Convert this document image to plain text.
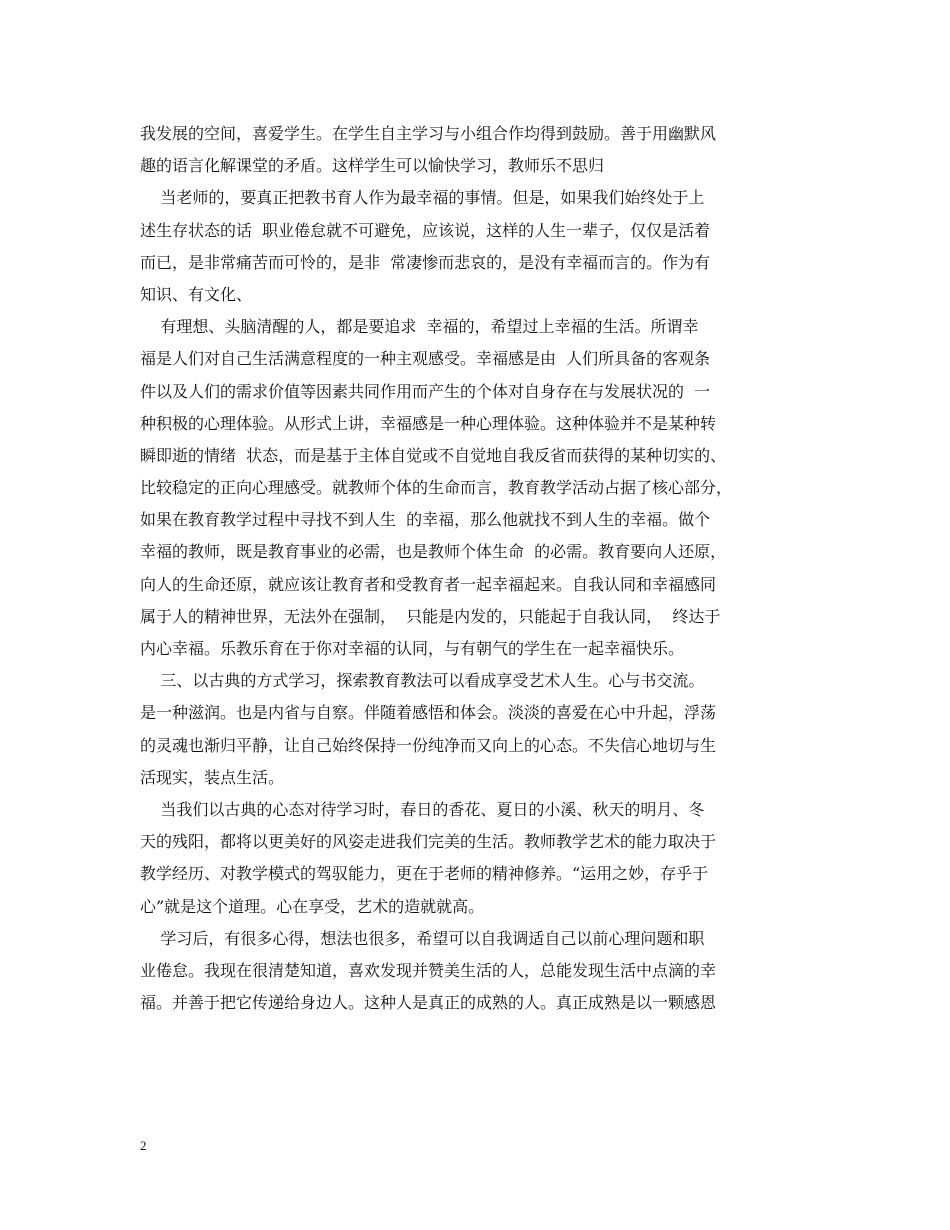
我发展的空间，喜爱学生。在学生自主学习与小组合作均得到鼓励。善于用幽默风
趣的语言化解课堂的矛盾。这样学生可以愉快学习，教师乐不思归
当老师的，要真正把教书育人作为最幸福的事情。但是，如果我们始终处于上
述生存状态的话  职业倦怠就不可避免，应该说，这样的人生一辈子，仅仅是活着
而已，是非常痛苦而可怜的，是非  常凄惨而悲哀的，是没有幸福而言的。作为有
知识、有文化、
有理想、头脑清醒的人，都是要追求  幸福的，希望过上幸福的生活。所谓幸
福是人们对自己生活满意程度的一种主观感受。幸福感是由  人们所具备的客观条
件以及人们的需求价值等因素共同作用而产生的个体对自身存在与发展状况的  一
种积极的心理体验。从形式上讲，幸福感是一种心理体验。这种体验并不是某种转
瞬即逝的情绪  状态，而是基于主体自觉或不自觉地自我反省而获得的某种切实的、
比较稳定的正向心理感受。就教师个体的生命而言，教育教学活动占据了核心部分，
如果在教育教学过程中寻找不到人生  的幸福，那么他就找不到人生的幸福。做个
幸福的教师，既是教育事业的必需，也是教师个体生命  的必需。教育要向人还原，
向人的生命还原，就应该让教育者和受教育者一起幸福起来。自我认同和幸福感同
属于人的精神世界，无法外在强制，  只能是内发的，只能起于自我认同，  终达于
内心幸福。乐教乐育在于你对幸福的认同，与有朝气的学生在一起幸福快乐。
三、以古典的方式学习，探索教育教法可以看成享受艺术人生。心与书交流。
是一种滋润。也是内省与自察。伴随着感悟和体会。淡淡的喜爱在心中升起，浮荡
的灵魂也渐归平静，让自己始终保持一份纯净而又向上的心态。不失信心地切与生
活现实，装点生活。
当我们以古典的心态对待学习时，春日的香花、夏日的小溪、秋天的明月、冬
天的残阳，都将以更美好的风姿走进我们完美的生活。教师教学艺术的能力取决于
教学经历、对教学模式的驾驭能力，更在于老师的精神修养。“运用之妙，存乎于
心”就是这个道理。心在享受，艺术的造就就高。
学习后，有很多心得，想法也很多，希望可以自我调适自己以前心理问题和职
业倦怠。我现在很清楚知道，喜欢发现并赞美生活的人，总能发现生活中点滴的幸
福。并善于把它传递给身边人。这种人是真正的成熟的人。真正成熟是以一颗感恩
2
